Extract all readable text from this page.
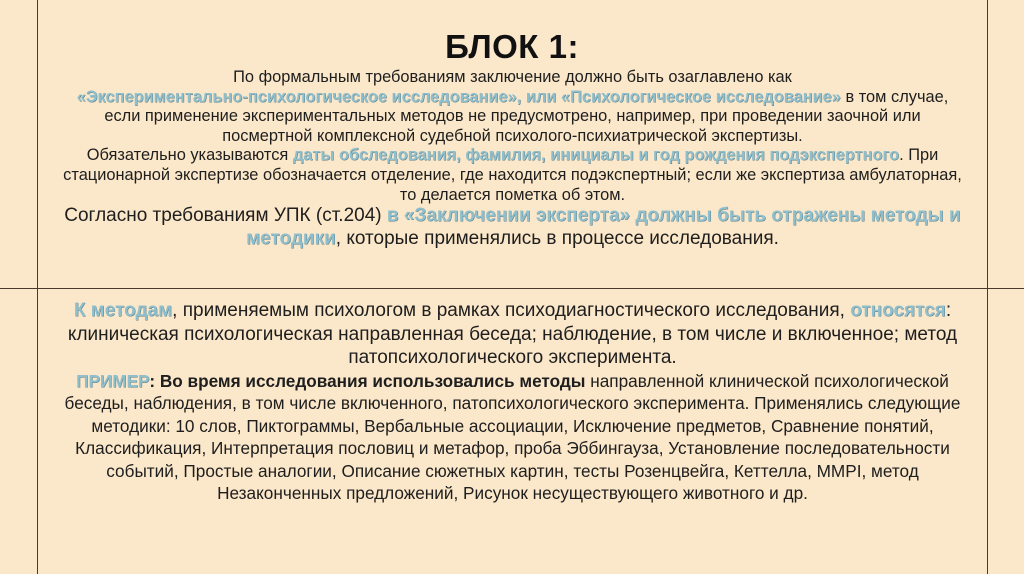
БЛОК 1:

По формальным требованиям заключение должно быть озаглавлено как
«Экспериментально-психологическое исследование», или «Психологическое исследование» в том случае, если применение экспериментальных методов не предусмотрено, например, при проведении заочной или посмертной комплексной судебной психолого-психиатрической экспертизы.

Обязательно указываются даты обследования, фамилия, инициалы и год рождения подэкспертного. При стационарной экспертизе обозначается отделение, где находится подэкспертный; если же экспертиза амбулаторная, то делается пометка об этом.

Согласно требованиям УПК (ст.204) в «Заключении эксперта» должны быть отражены методы и методики, которые применялись в процессе исследования.

К методам, применяемым психологом в рамках психодиагностического исследования, относятся: клиническая психологическая направленная беседа; наблюдение, в том числе и включенное; метод патопсихологического эксперимента.

ПРИМЕР: Во время исследования использовались методы направленной клинической психологической беседы, наблюдения, в том числе включенного, патопсихологического эксперимента. Применялись следующие методики: 10 слов, Пиктограммы, Вербальные ассоциации, Исключение предметов, Сравнение понятий, Классификация, Интерпретация пословиц и метафор, проба Эббингауза, Установление последовательности событий, Простые аналогии, Описание сюжетных картин, тесты Розенцвейга, Кеттелла, MMPI, метод Незаконченных предложений, Рисунок несуществующего животного и др.
